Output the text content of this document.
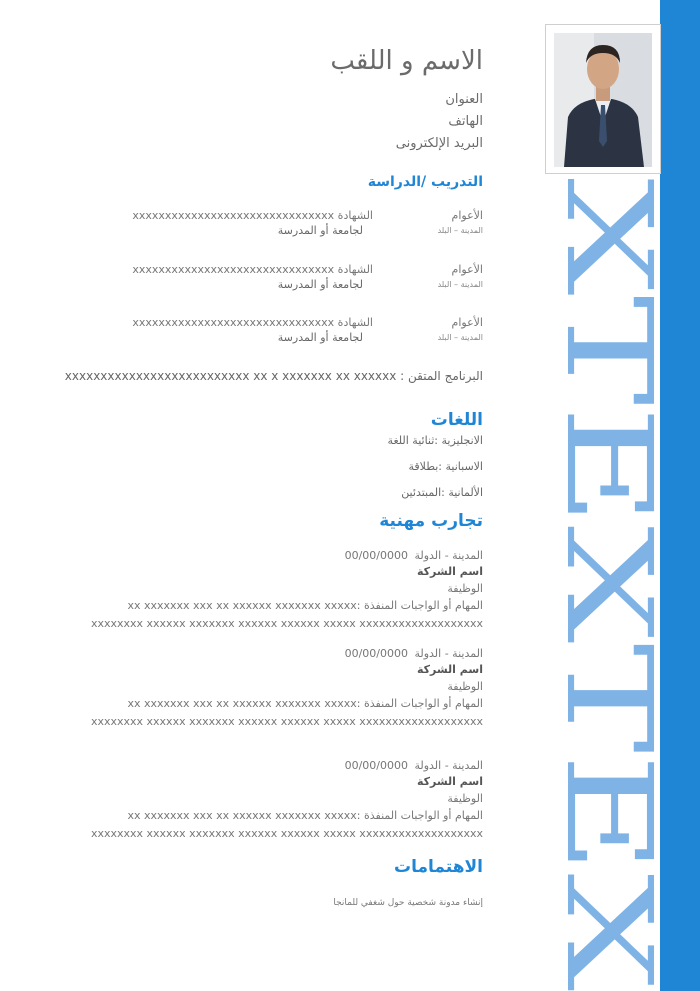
XTEXTEX
الاسم و اللقب
العنوان
الهاتف
البريد الإلكترونى
التدريب /الدراسة
الأعوام
المدينة – البلد
الشهادة xxxxxxxxxxxxxxxxxxxxxxxxxxxxxxx
لجامعة أو المدرسة
الأعوام
المدينة – البلد
الشهادة xxxxxxxxxxxxxxxxxxxxxxxxxxxxxxx
لجامعة أو المدرسة
الأعوام
المدينة – البلد
الشهادة xxxxxxxxxxxxxxxxxxxxxxxxxxxxxxx
لجامعة أو المدرسة
البرنامج المتقن : xxxxxxxxxxxxxxxxxxxxxxxxxx xx x xxxxxxx xx xxxxxx
اللغات
الانجليزية :ثنائية اللغة
الاسبانية :بطلاقة
الألمانية :المبتدئين
تجارب مهنية
المدينة - الدولة
00/00/0000
اسم الشركة
الوظيفة
المهام أو الواجبات المنفذة :xx xxxxxxx xxx xx xxxxxx xxxxxxx xxxxx
xxxxxxxx xxxxxx xxxxxxx xxxxxx xxxxxx xxxxx xxxxxxxxxxxxxxxxxxx
المدينة - الدولة
00/00/0000
اسم الشركة
الوظيفة
المهام أو الواجبات المنفذة :xx xxxxxxx xxx xx xxxxxx xxxxxxx xxxxx
xxxxxxxx xxxxxx xxxxxxx xxxxxx xxxxxx xxxxx xxxxxxxxxxxxxxxxxxx
المدينة - الدولة
00/00/0000
اسم الشركة
الوظيفة
المهام أو الواجبات المنفذة :xx xxxxxxx xxx xx xxxxxx xxxxxxx xxxxx
xxxxxxxx xxxxxx xxxxxxx xxxxxx xxxxxx xxxxx xxxxxxxxxxxxxxxxxxx
الاهتمامات
إنشاء مدونة شخصية حول شغفي للمانجا
